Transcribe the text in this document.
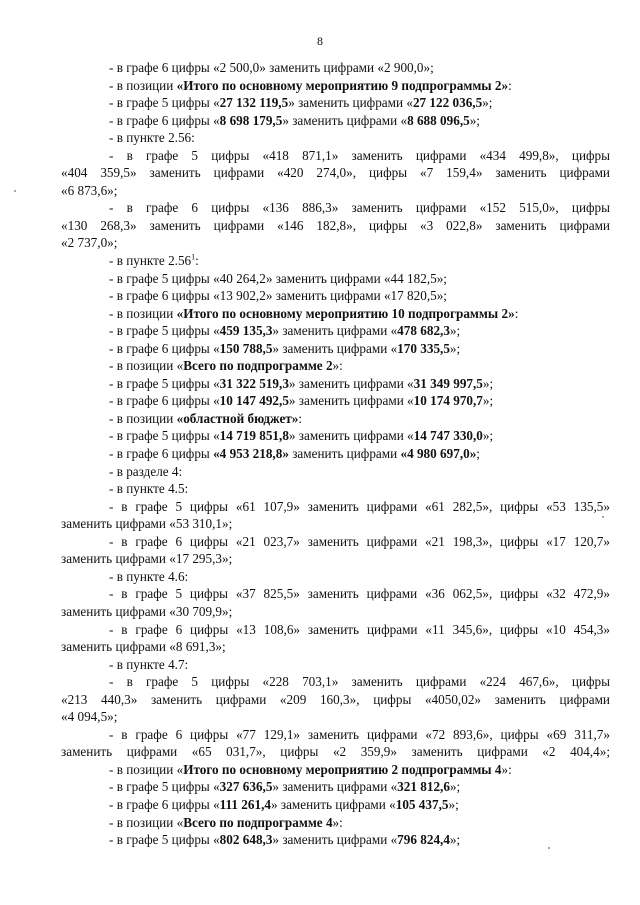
8
- в графе 6 цифры «2 500,0» заменить цифрами «2 900,0»;
- в позиции «Итого по основному мероприятию 9 подпрограммы 2»:
- в графе 5 цифры «27 132 119,5» заменить цифрами «27 122 036,5»;
- в графе 6 цифры «8 698 179,5» заменить цифрами «8 688 096,5»;
- в пункте 2.56:
- в графе 5 цифры «418 871,1» заменить цифрами «434 499,8», цифры
«404 359,5» заменить цифрами «420 274,0», цифры «7 159,4» заменить цифрами
«6 873,6»;
- в графе 6 цифры «136 886,3» заменить цифрами «152 515,0», цифры
«130 268,3» заменить цифрами «146 182,8», цифры «3 022,8» заменить цифрами
«2 737,0»;
- в пункте 2.56$^1$:
- в графе 5 цифры «40 264,2» заменить цифрами «44 182,5»;
- в графе 6 цифры «13 902,2» заменить цифрами «17 820,5»;
- в позиции «Итого по основному мероприятию 10 подпрограммы 2»:
- в графе 5 цифры «459 135,3» заменить цифрами «478 682,3»;
- в графе 6 цифры «150 788,5» заменить цифрами «170 335,5»;
- в позиции «Всего по подпрограмме 2»:
- в графе 5 цифры «31 322 519,3» заменить цифрами «31 349 997,5»;
- в графе 6 цифры «10 147 492,5» заменить цифрами «10 174 970,7»;
- в позиции «областной бюджет»:
- в графе 5 цифры «14 719 851,8» заменить цифрами «14 747 330,0»;
- в графе 6 цифры «4 953 218,8» заменить цифрами «4 980 697,0»;
- в разделе 4:
- в пункте 4.5:
- в графе 5 цифры «61 107,9» заменить цифрами «61 282,5», цифры «53 135,5»
заменить цифрами «53 310,1»;
- в графе 6 цифры «21 023,7» заменить цифрами «21 198,3», цифры «17 120,7»
заменить цифрами «17 295,3»;
- в пункте 4.6:
- в графе 5 цифры «37 825,5» заменить цифрами «36 062,5», цифры «32 472,9»
заменить цифрами «30 709,9»;
- в графе 6 цифры «13 108,6» заменить цифрами «11 345,6», цифры «10 454,3»
заменить цифрами «8 691,3»;
- в пункте 4.7:
- в графе 5 цифры «228 703,1» заменить цифрами «224 467,6», цифры
«213 440,3» заменить цифрами «209 160,3», цифры «4050,02» заменить цифрами
«4 094,5»;
- в графе 6 цифры «77 129,1» заменить цифрами «72 893,6», цифры «69 311,7»
заменить цифрами «65 031,7», цифры «2 359,9» заменить цифрами «2 404,4»;
- в позиции «Итого по основному мероприятию 2 подпрограммы 4»:
- в графе 5 цифры «327 636,5» заменить цифрами «321 812,6»;
- в графе 6 цифры «111 261,4» заменить цифрами «105 437,5»;
- в позиции «Всего по подпрограмме 4»:
- в графе 5 цифры «802 648,3» заменить цифрами «796 824,4»;
